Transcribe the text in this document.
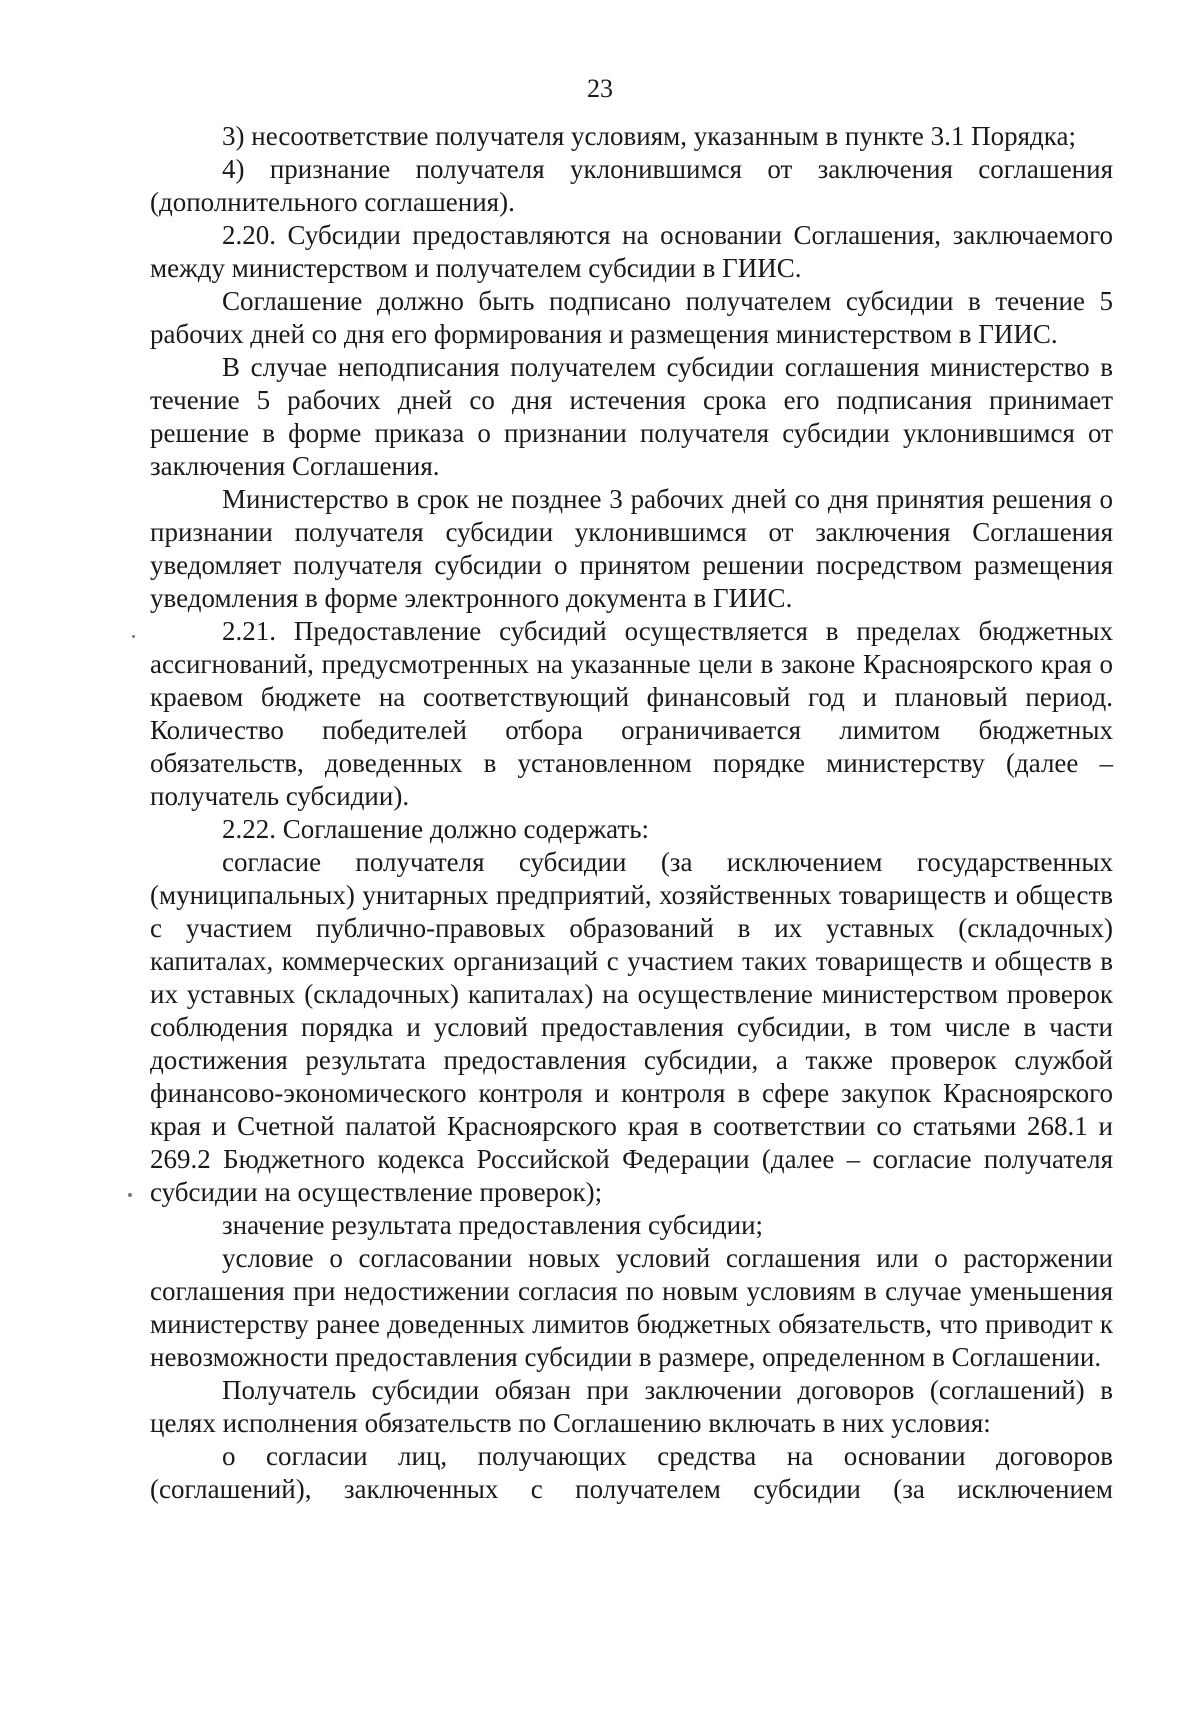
23

3) несоответствие получателя условиям, указанным в пункте 3.1 Порядка;

4) признание получателя уклонившимся от заключения соглашения (дополнительного соглашения).

2.20. Субсидии предоставляются на основании Соглашения, заключаемого между министерством и получателем субсидии в ГИИС.

Соглашение должно быть подписано получателем субсидии в течение 5 рабочих дней со дня его формирования и размещения министерством в ГИИС.

В случае неподписания получателем субсидии соглашения министерство в течение 5 рабочих дней со дня истечения срока его подписания принимает решение в форме приказа о признании получателя субсидии уклонившимся от заключения Соглашения.

Министерство в срок не позднее 3 рабочих дней со дня принятия решения о признании получателя субсидии уклонившимся от заключения Соглашения уведомляет получателя субсидии о принятом решении посредством размещения уведомления в форме электронного документа в ГИИС.

2.21. Предоставление субсидий осуществляется в пределах бюджетных ассигнований, предусмотренных на указанные цели в законе Красноярского края о краевом бюджете на соответствующий финансовый год и плановый период. Количество победителей отбора ограничивается лимитом бюджетных обязательств, доведенных в установленном порядке министерству (далее – получатель субсидии).

2.22. Соглашение должно содержать:

согласие получателя субсидии (за исключением государственных (муниципальных) унитарных предприятий, хозяйственных товариществ и обществ с участием публично-правовых образований в их уставных (складочных) капиталах, коммерческих организаций с участием таких товариществ и обществ в их уставных (складочных) капиталах) на осуществление министерством проверок соблюдения порядка и условий предоставления субсидии, в том числе в части достижения результата предоставления субсидии, а также проверок службой финансово-экономического контроля и контроля в сфере закупок Красноярского края и Счетной палатой Красноярского края в соответствии со статьями 268.1 и 269.2 Бюджетного кодекса Российской Федерации (далее – согласие получателя субсидии на осуществление проверок);

значение результата предоставления субсидии;

условие о согласовании новых условий соглашения или о расторжении соглашения при недостижении согласия по новым условиям в случае уменьшения министерству ранее доведенных лимитов бюджетных обязательств, что приводит к невозможности предоставления субсидии в размере, определенном в Соглашении.

Получатель субсидии обязан при заключении договоров (соглашений) в целях исполнения обязательств по Соглашению включать в них условия:

о согласии лиц, получающих средства на основании договоров (соглашений), заключенных с получателем субсидии (за исключением
